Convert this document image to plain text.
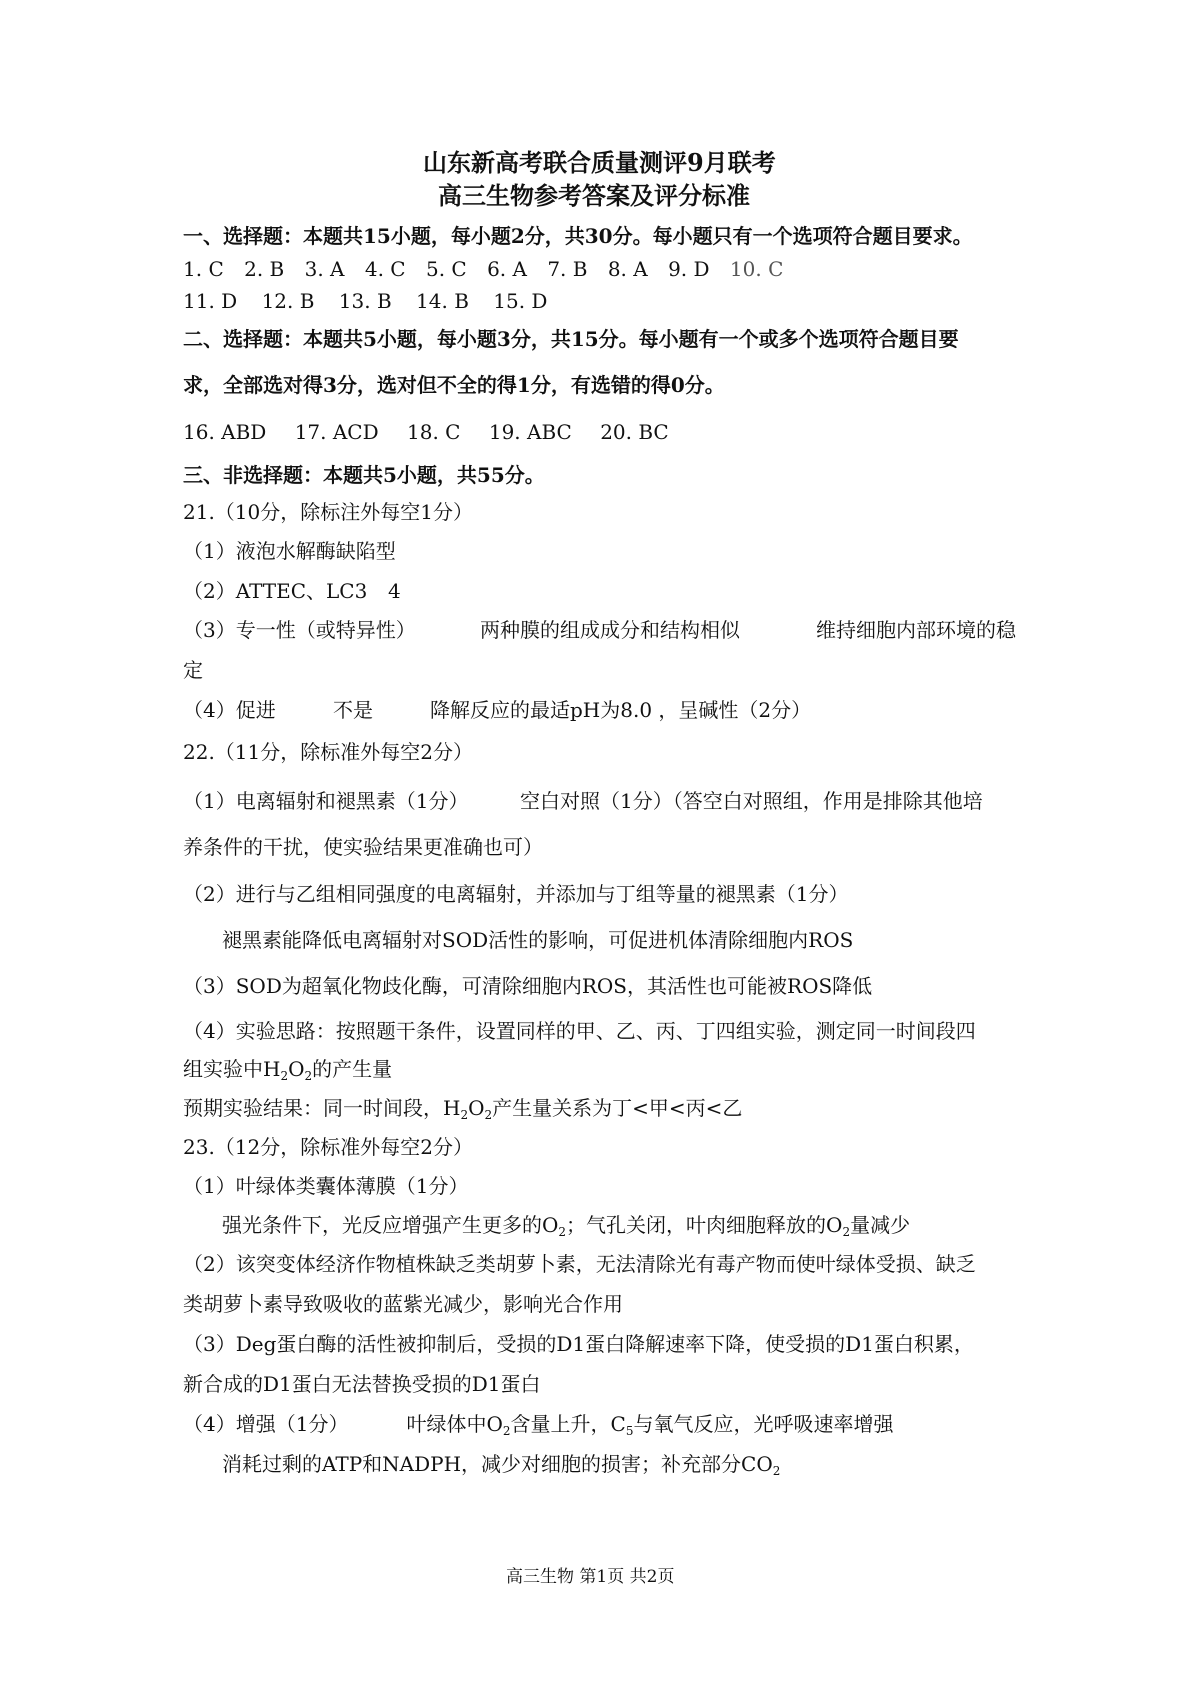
山东新高考联合质量测评9月联考
高三生物参考答案及评分标准
一、选择题：本题共15小题，每小题2分，共30分。每小题只有一个选项符合题目要求。
1. C 2. B 3. A 4. C 5. C 6. A 7. B 8. A 9. D 10. C
11. D 12. B 13. B 14. B 15. D
二、选择题：本题共5小题，每小题3分，共15分。每小题有一个或多个选项符合题目要
求，全部选对得3分，选对但不全的得1分，有选错的得0分。
16. ABD 17. ACD 18. C 19. ABC 20. BC
三、非选择题：本题共5小题，共55分。
21.（10分，除标注外每空1分）
（1）液泡水解酶缺陷型
（2）ATTEC、LC3 4
（3）专一性（或特异性）	两种膜的组成成分和结构相似	维持细胞内部环境的稳
定
（4）促进	不是	降解反应的最适pH为8.0 ，呈碱性（2分）
22.（11分，除标准外每空2分）
（1）电离辐射和褪黑素（1分）	空白对照（1分）（答空白对照组，作用是排除其他培
养条件的干扰，使实验结果更准确也可）
（2）进行与乙组相同强度的电离辐射，并添加与丁组等量的褪黑素（1分）
褪黑素能降低电离辐射对SOD活性的影响，可促进机体清除细胞内ROS
（3）SOD为超氧化物歧化酶，可清除细胞内ROS，其活性也可能被ROS降低
（4）实验思路：按照题干条件，设置同样的甲、乙、丙、丁四组实验，测定同一时间段四
组实验中$H_2O_2$的产生量
预期实验结果：同一时间段，$H_2O_2$产生量关系为丁<甲<丙<乙
23.（12分，除标准外每空2分）
（1）叶绿体类囊体薄膜（1分）
强光条件下，光反应增强产生更多的$O_2$；气孔关闭，叶肉细胞释放的$O_2$量减少
（2）该突变体经济作物植株缺乏类胡萝卜素，无法清除光有毒产物而使叶绿体受损、缺乏
类胡萝卜素导致吸收的蓝紫光减少，影响光合作用
（3）Deg蛋白酶的活性被抑制后，受损的D1蛋白降解速率下降，使受损的D1蛋白积累，
新合成的D1蛋白无法替换受损的D1蛋白
（4）增强（1分）	叶绿体中$O_2$含量上升，$C_5$与氧气反应，光呼吸速率增强
消耗过剩的ATP和NADPH，减少对细胞的损害；补充部分$CO_2$
高三生物 第1页 共2页
